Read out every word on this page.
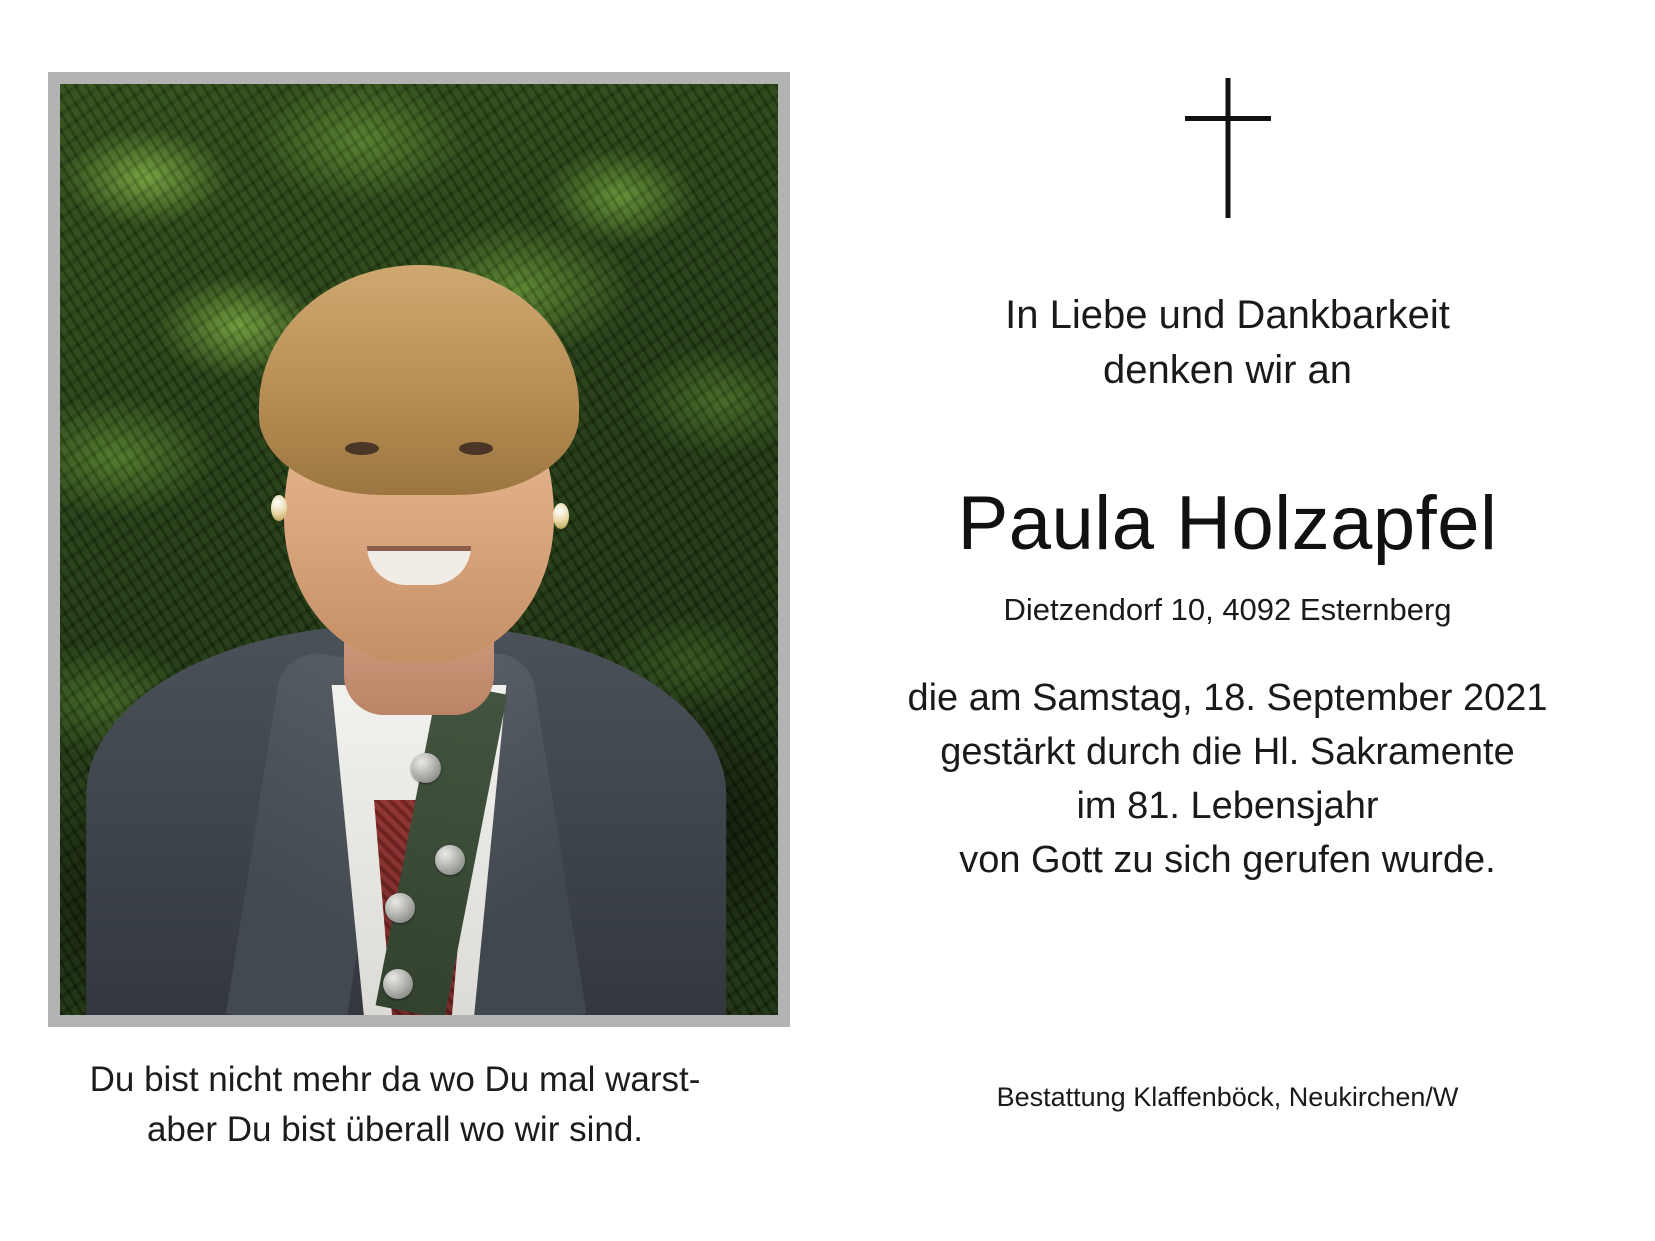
Du bist nicht mehr da wo Du mal warst-
aber Du bist überall wo wir sind.
In Liebe und Dankbarkeit
denken wir an
Paula Holzapfel
Dietzendorf 10, 4092 Esternberg
die am Samstag, 18. September 2021
gestärkt durch die Hl. Sakramente
im 81. Lebensjahr
von Gott zu sich gerufen wurde.
Bestattung Klaffenböck, Neukirchen/W
